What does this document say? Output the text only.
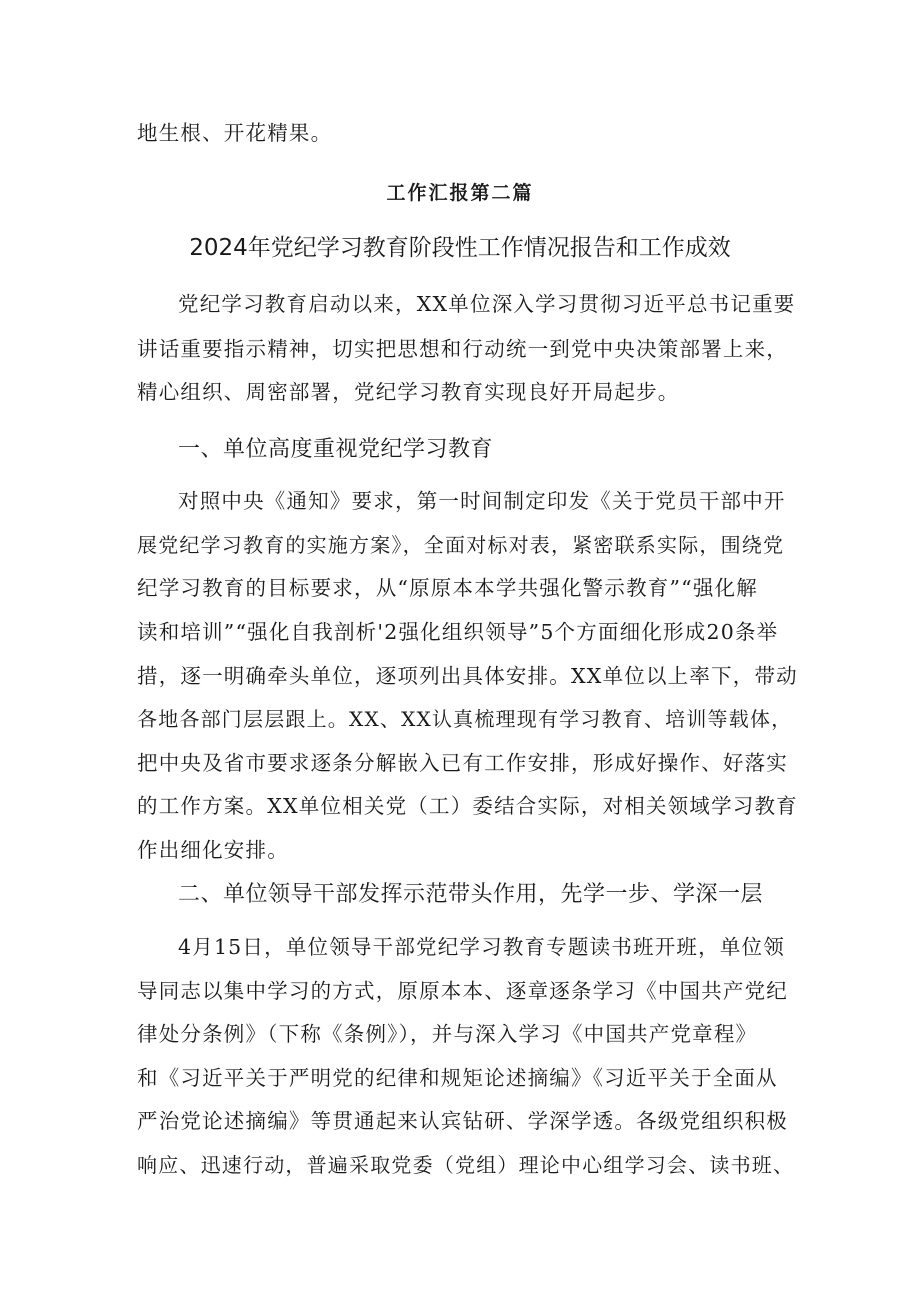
地生根、开花精果。
工作汇报第二篇
2024年党纪学习教育阶段性工作情况报告和工作成效
党纪学习教育启动以来，XX单位深入学习贯彻习近平总书记重要
讲话重要指示精神，切实把思想和行动统一到党中央决策部署上来，
精心组织、周密部署，党纪学习教育实现良好开局起步。
一、单位高度重视党纪学习教育
对照中央《通知》要求，第一时间制定印发《关于党员干部中开
展党纪学习教育的实施方案》，全面对标对表，紧密联系实际，围绕党
纪学习教育的目标要求，从“原原本本学共强化警示教育”“强化解
读和培训”“强化自我剖析'2强化组织领导”5个方面细化形成20条举
措，逐一明确牵头单位，逐项列出具体安排。XX单位以上率下，带动
各地各部门层层跟上。XX、XX认真梳理现有学习教育、培训等载体，
把中央及省市要求逐条分解嵌入已有工作安排，形成好操作、好落实
的工作方案。XX单位相关党（工）委结合实际，对相关领域学习教育
作出细化安排。
二、单位领导干部发挥示范带头作用，先学一步、学深一层
4月15日，单位领导干部党纪学习教育专题读书班开班，单位领
导同志以集中学习的方式，原原本本、逐章逐条学习《中国共产党纪
律处分条例》（下称《条例》），并与深入学习《中国共产党章程》
和《习近平关于严明党的纪律和规矩论述摘编》《习近平关于全面从
严治党论述摘编》等贯通起来认宾钻研、学深学透。各级党组织积极
响应、迅速行动，普遍采取党委（党组）理论中心组学习会、读书班、
